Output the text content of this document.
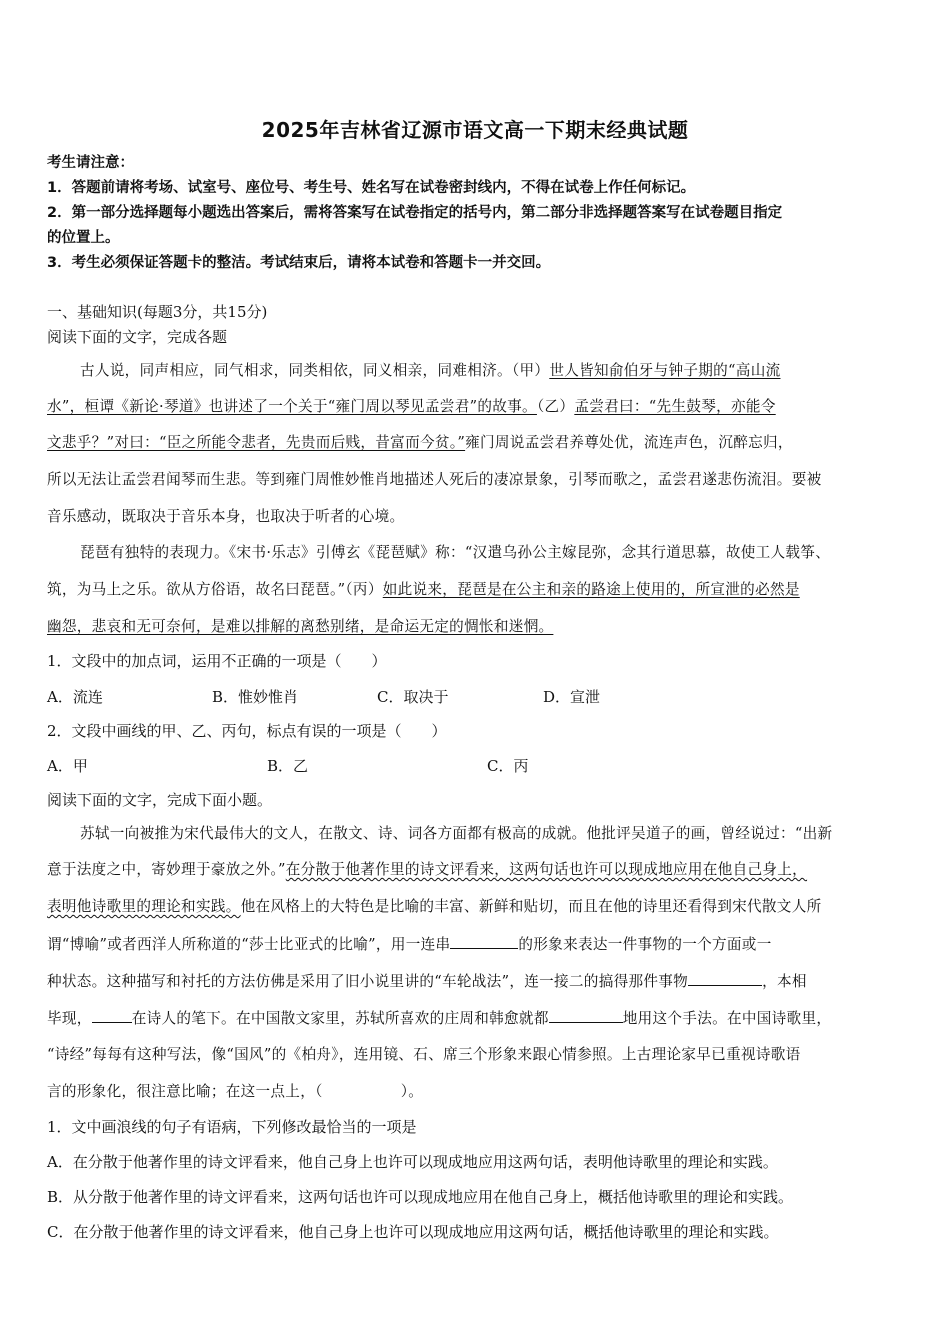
2025年吉林省辽源市语文高一下期末经典试题
考生请注意：
1．答题前请将考场、试室号、座位号、考生号、姓名写在试卷密封线内，不得在试卷上作任何标记。
2．第一部分选择题每小题选出答案后，需将答案写在试卷指定的括号内，第二部分非选择题答案写在试卷题目指定
的位置上。
3．考生必须保证答题卡的整洁。考试结束后，请将本试卷和答题卡一并交回。
一、基础知识(每题3分，共15分)
阅读下面的文字，完成各题
古人说，同声相应，同气相求，同类相依，同义相亲，同难相济。（甲）世人皆知俞伯牙与钟子期的“高山流
水”，桓谭《新论·琴道》也讲述了一个关于“雍门周以琴见孟尝君”的故事。（乙）孟尝君曰：“先生鼓琴，亦能令
文悲乎？”对曰：“臣之所能令悲者，先贵而后贱，昔富而今贫。”雍门周说孟尝君养尊处优，流连声色，沉醉忘归，
所以无法让孟尝君闻琴而生悲。等到雍门周惟妙惟肖地描述人死后的凄凉景象，引琴而歌之，孟尝君遂悲伤流泪。要被
音乐感动，既取决于音乐本身，也取决于听者的心境。
琵琶有独特的表现力。《宋书·乐志》引傅玄《琵琶赋》称：“汉遣乌孙公主嫁昆弥，念其行道思慕，故使工人载筝、
筑，为马上之乐。欲从方俗语，故名曰琵琶。”（丙）如此说来，琵琶是在公主和亲的路途上使用的，所宣泄的必然是
幽怨，悲哀和无可奈何，是难以排解的离愁别绪，是命运无定的惆怅和迷惘。
1．文段中的加点词，运用不正确的一项是（　　）
A．流连	B．惟妙惟肖	C．取决于	D．宣泄
2．文段中画线的甲、乙、丙句，标点有误的一项是（　　）
A．甲	B．乙	C．丙
阅读下面的文字，完成下面小题。
苏轼一向被推为宋代最伟大的文人，在散文、诗、词各方面都有极高的成就。他批评吴道子的画，曾经说过：“出新
意于法度之中，寄妙理于豪放之外。”在分散于他著作里的诗文评看来，这两句话也许可以现成地应用在他自己身上，
表明他诗歌里的理论和实践。他在风格上的大特色是比喻的丰富、新鲜和贴切，而且在他的诗里还看得到宋代散文人所
谓“博喻”或者西洋人所称道的“莎士比亚式的比喻”，用一连串	的形象来表达一件事物的一个方面或一
种状态。这种描写和衬托的方法仿佛是采用了旧小说里讲的“车轮战法”，连一接二的搞得那件事物	，本相
毕现，	在诗人的笔下。在中国散文家里，苏轼所喜欢的庄周和韩愈就都	地用这个手法。在中国诗歌里，
“诗经”每每有这种写法，像“国风”的《柏舟》，连用镜、石、席三个形象来跟心情参照。上古理论家早已重视诗歌语
言的形象化，很注意比喻；在这一点上，（	）。
1．文中画浪线的句子有语病，下列修改最恰当的一项是
A．在分散于他著作里的诗文评看来，他自己身上也许可以现成地应用这两句话，表明他诗歌里的理论和实践。
B．从分散于他著作里的诗文评看来，这两句话也许可以现成地应用在他自己身上，概括他诗歌里的理论和实践。
C．在分散于他著作里的诗文评看来，他自己身上也许可以现成地应用这两句话，概括他诗歌里的理论和实践。
